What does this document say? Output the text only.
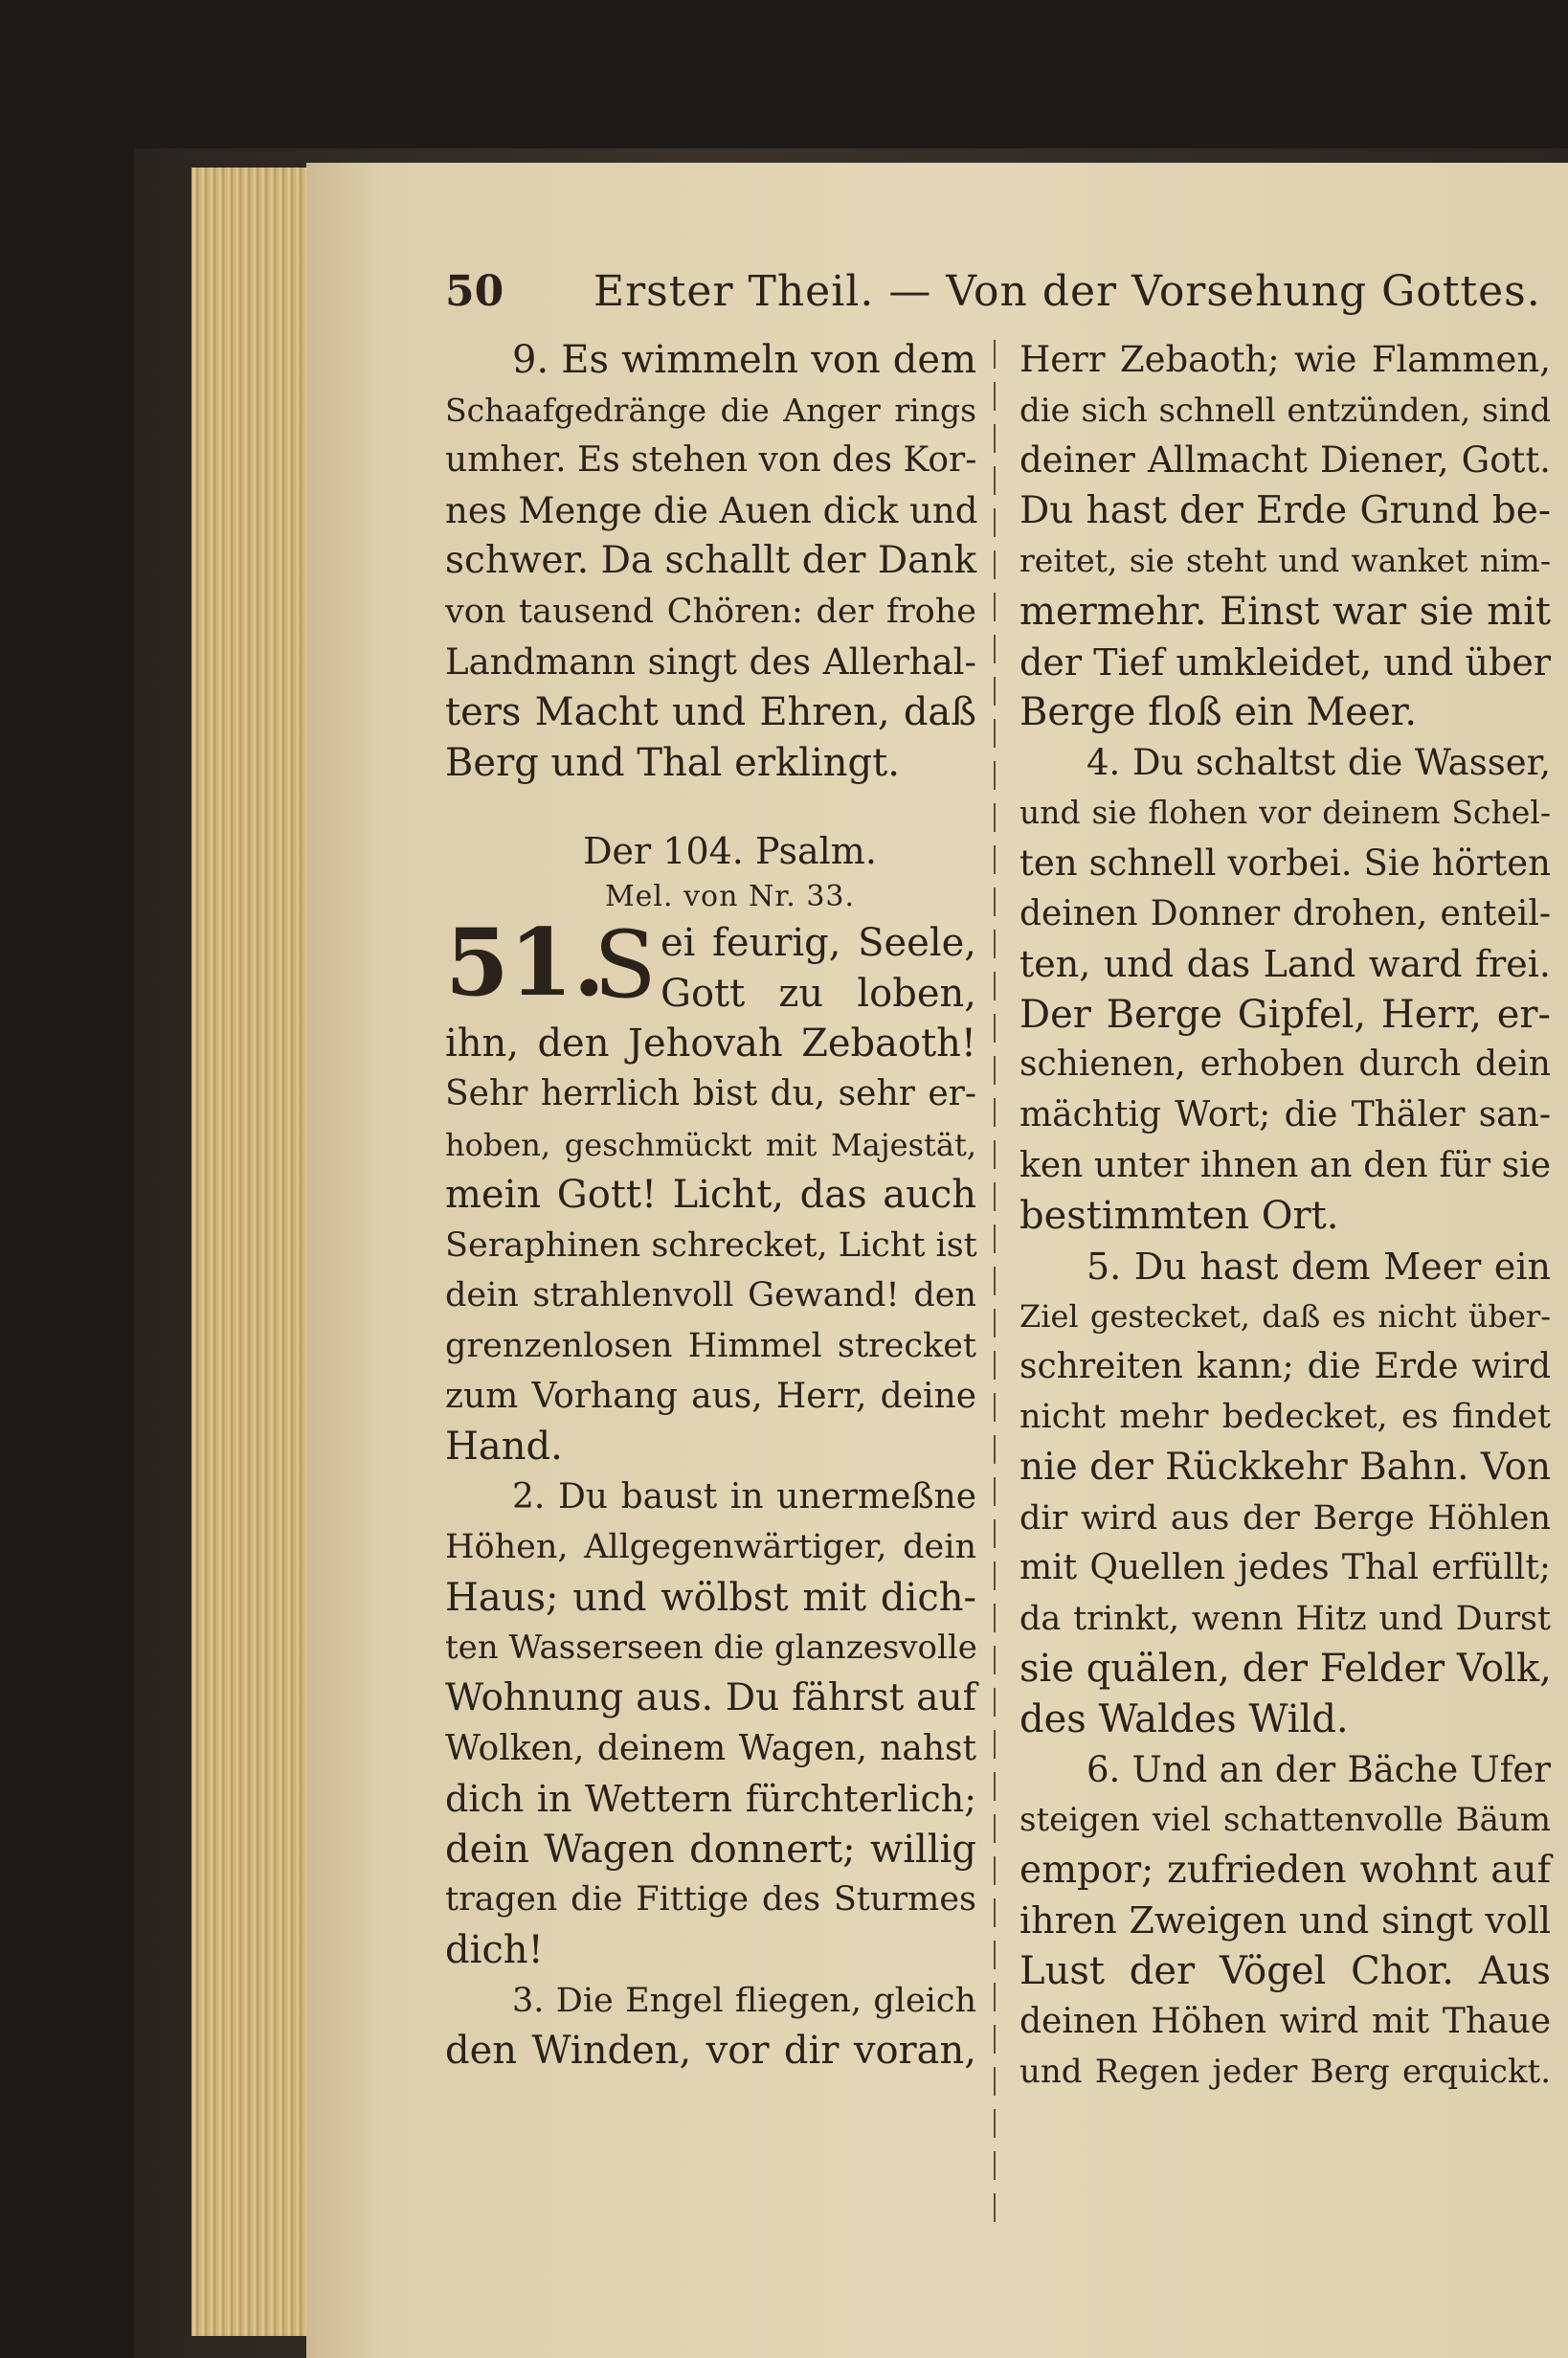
50 Erster Theil. — Von der Vorsehung Gottes.
9. Es wimmeln von dem
Schaafgedränge die Anger rings
umher. Es stehen von des Kor-
nes Menge die Auen dick und
schwer. Da schallt der Dank
von tausend Chören: der frohe
Landmann singt des Allerhal-
ters Macht und Ehren, daß
Berg und Thal erklingt.
Der 104. Psalm.
Mel. von Nr. 33.
51.
S ei feurig, Seele,
Gott zu loben,
ihn, den Jehovah Zebaoth!
Sehr herrlich bist du, sehr er-
hoben, geschmückt mit Majestät,
mein Gott! Licht, das auch
Seraphinen schrecket, Licht ist
dein strahlenvoll Gewand! den
grenzenlosen Himmel strecket
zum Vorhang aus, Herr, deine
Hand.
2. Du baust in unermeßne
Höhen, Allgegenwärtiger, dein
Haus; und wölbst mit dich-
ten Wasserseen die glanzesvolle
Wohnung aus. Du fährst auf
Wolken, deinem Wagen, nahst
dich in Wettern fürchterlich;
dein Wagen donnert; willig
tragen die Fittige des Sturmes
dich!
3. Die Engel fliegen, gleich
den Winden, vor dir voran,
Herr Zebaoth; wie Flammen,
die sich schnell entzünden, sind
deiner Allmacht Diener, Gott.
Du hast der Erde Grund be-
reitet, sie steht und wanket nim-
mermehr. Einst war sie mit
der Tief umkleidet, und über
Berge floß ein Meer.
4. Du schaltst die Wasser,
und sie flohen vor deinem Schel-
ten schnell vorbei. Sie hörten
deinen Donner drohen, enteil-
ten, und das Land ward frei.
Der Berge Gipfel, Herr, er-
schienen, erhoben durch dein
mächtig Wort; die Thäler san-
ken unter ihnen an den für sie
bestimmten Ort.
5. Du hast dem Meer ein
Ziel gestecket, daß es nicht über-
schreiten kann; die Erde wird
nicht mehr bedecket, es findet
nie der Rückkehr Bahn. Von
dir wird aus der Berge Höhlen
mit Quellen jedes Thal erfüllt;
da trinkt, wenn Hitz und Durst
sie quälen, der Felder Volk,
des Waldes Wild.
6. Und an der Bäche Ufer
steigen viel schattenvolle Bäum
empor; zufrieden wohnt auf
ihren Zweigen und singt voll
Lust der Vögel Chor. Aus
deinen Höhen wird mit Thaue
und Regen jeder Berg erquickt.
